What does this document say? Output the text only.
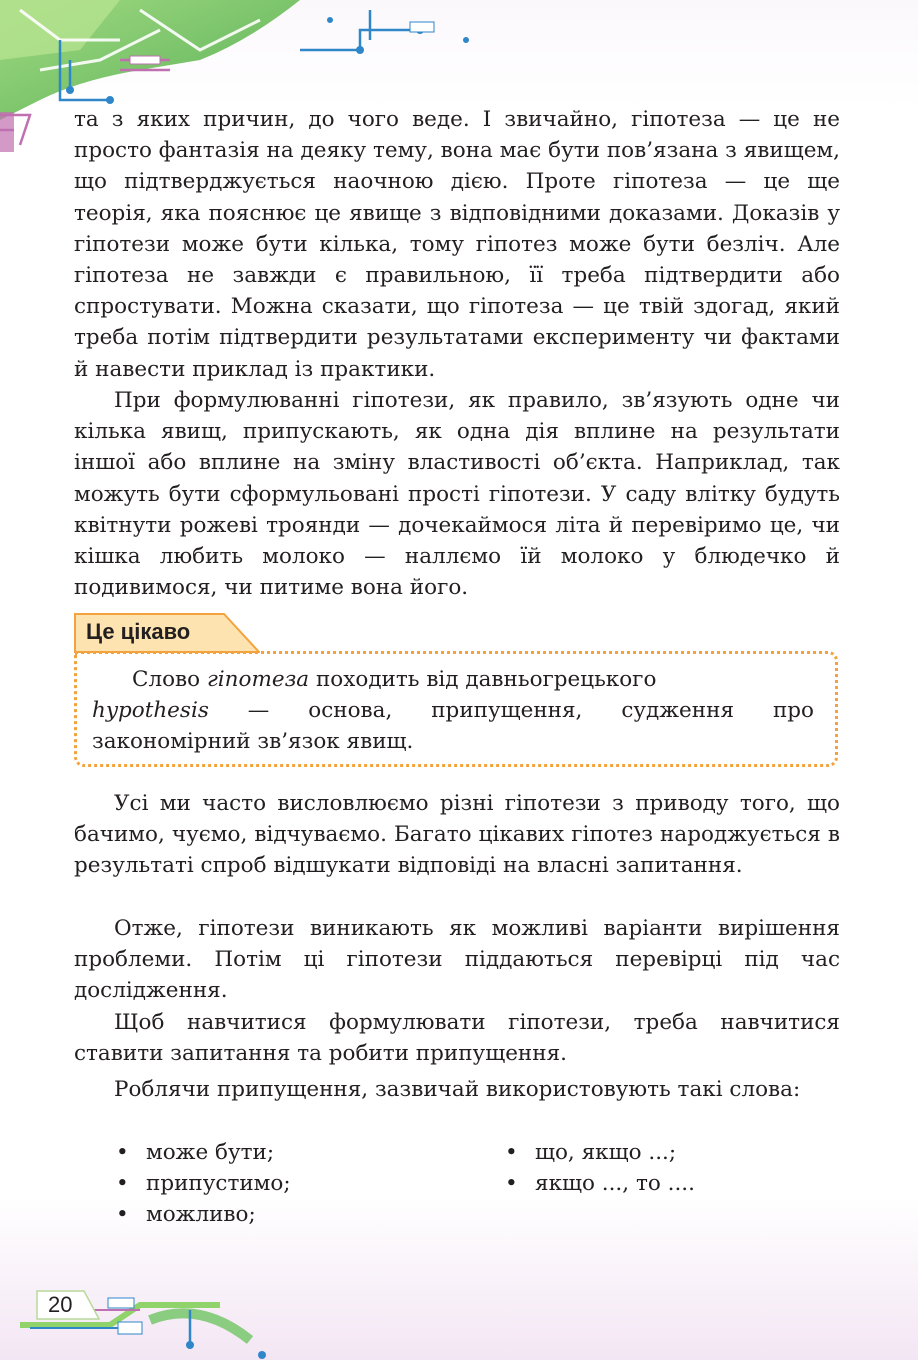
та з яких причин, до чого веде. І звичайно, гіпотеза — це не просто фантазія на деяку тему, вона має бути пов’язана з явищем, що підтверджується наочною дією. Проте гіпотеза — це ще теорія, яка пояснює це явище з відповідними доказами. Доказів у гіпотези може бути кілька, тому гіпотез може бути безліч. Але гіпотеза не завжди є правильною, її треба підтвердити або спростувати. Можна сказати, що гіпотеза — це твій здогад, який треба потім підтвердити результатами експерименту чи фактами й навести приклад із практики.

При формулюванні гіпотези, як правило, зв’язують одне чи кілька явищ, припускають, як одна дія вплине на результати іншої або вплине на зміну властивості об’єкта. Наприклад, так можуть бути сформульовані прості гіпотези. У саду влітку будуть квітнути рожеві троянди — дочекаймося літа й перевіримо це, чи кішка любить молоко — наллємо їй молоко у блюдечко й подивимося, чи питиме вона його.

Це цікаво

Слово гіпотеза походить від давньогрецького

hypothesis — основа, припущення, судження про закономірний зв’язок явищ.

Усі ми часто висловлюємо різні гіпотези з приводу того, що бачимо, чуємо, відчуваємо. Багато цікавих гіпотез народжується в результаті спроб відшукати відповіді на власні запитання.

Отже, гіпотези виникають як можливі варіанти вирішення проблеми. Потім ці гіпотези піддаються перевірці під час дослідження.

Щоб навчитися формулювати гіпотези, треба навчитися ставити запитання та робити припущення.

Роблячи припущення, зазвичай використовують такі слова:

• може бути;
• припустимо;
• можливо;
• що, якщо ...;
• якщо ..., то ....
20
